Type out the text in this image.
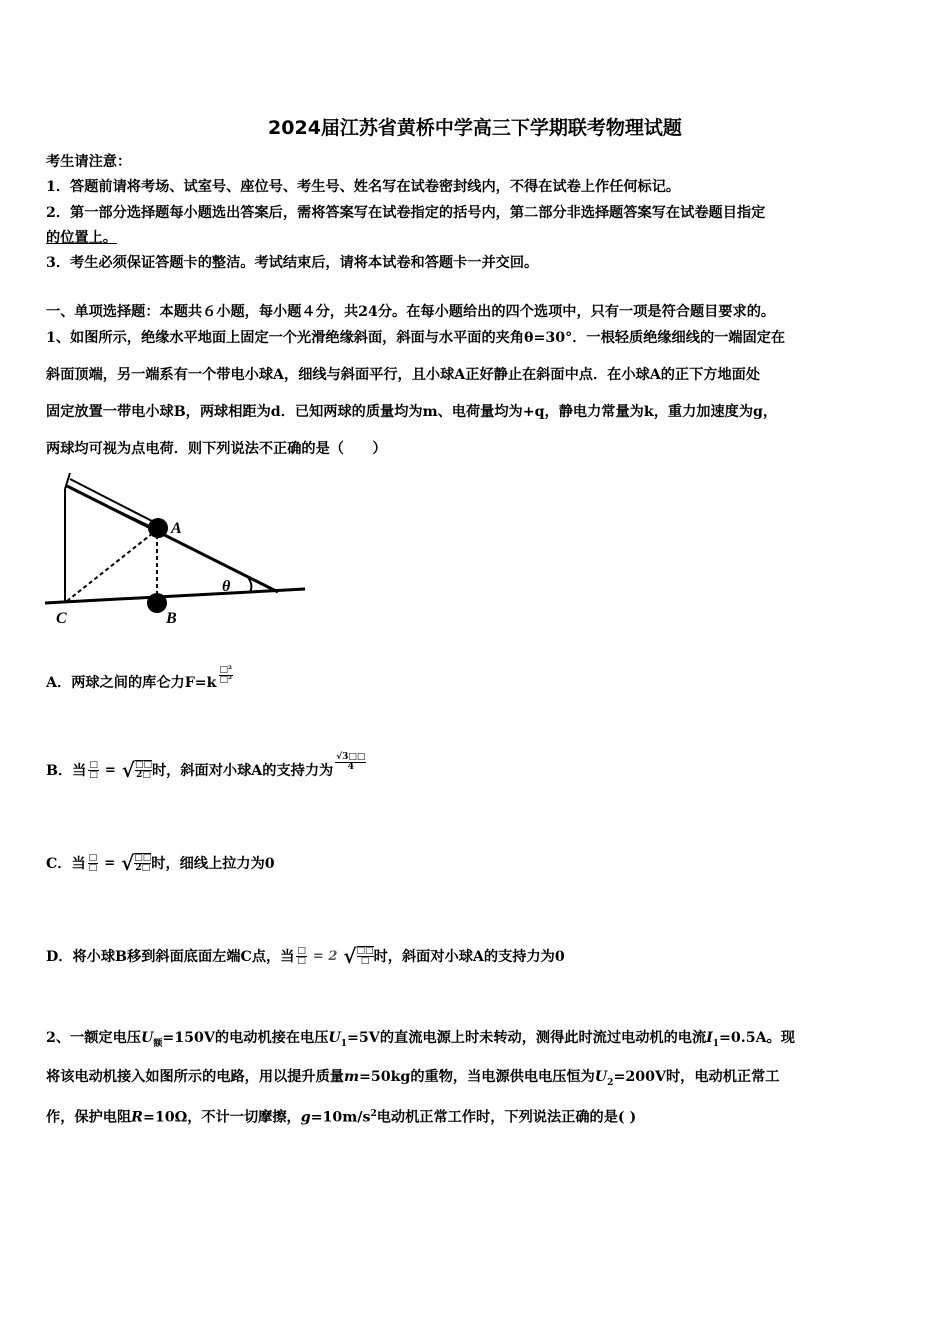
2024届江苏省黄桥中学高三下学期联考物理试题
考生请注意：
1．答题前请将考场、试室号、座位号、考生号、姓名写在试卷密封线内，不得在试卷上作任何标记。
2．第一部分选择题每小题选出答案后，需将答案写在试卷指定的括号内，第二部分非选择题答案写在试卷题目指定
的位置上。
3．考生必须保证答题卡的整洁。考试结束后，请将本试卷和答题卡一并交回。
一、单项选择题：本题共６小题，每小题４分，共24分。在每小题给出的四个选项中，只有一项是符合题目要求的。
1、如图所示，绝缘水平地面上固定一个光滑绝缘斜面，斜面与水平面的夹角θ=30°．一根轻质绝缘细线的一端固定在
斜面顶端，另一端系有一个带电小球A，细线与斜面平行，且小球A正好静止在斜面中点．在小球A的正下方地面处
固定放置一带电小球B，两球相距为d．已知两球的质量均为m、电荷量均为+q，静电力常量为k，重力加速度为g，
两球均可视为点电荷．则下列说法不正确的是（　　）
A
B
C
θ
A．两球之间的库仑力$F=k \frac{\text{□²}}{\text{□²}}$
B．当 $\frac{□}{□}$ = √ □□
2□ 时，斜面对小球A的支持力为 $\frac{√3□□}{4}$
C．当 $\frac{□}{□}$ = √ □□
2□ 时，细线上拉力为0
D．将小球B移到斜面底面左端C点，当 $\frac{□}{□} = 2$ √ □□
□ 时，斜面对小球A的支持力为0
2、一额定电压$U_额=150V$的电动机接在电压$U_1=5V$的直流电源上时未转动，测得此时流过电动机的电流$I_1=0.5A$。现
将该电动机接入如图所示的电路，用以提升质量m=50kg的重物，当电源供电电压恒为$U_2=200V$时，电动机正常工
作，保护电阻R=10Ω，不计一切摩擦，$g=10m/s^2$电动机正常工作时，下列说法正确的是( )
